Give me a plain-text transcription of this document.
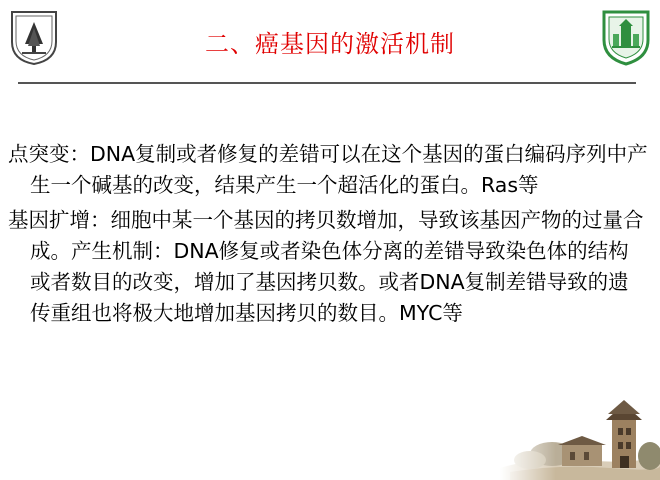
二、癌基因的激活机制

点突变：DNA复制或者修复的差错可以在这个基因的蛋白编码序列中产生一个碱基的改变，结果产生一个超活化的蛋白。Ras等

基因扩增：细胞中某一个基因的拷贝数增加，导致该基因产物的过量合成。产生机制：DNA修复或者染色体分离的差错导致染色体的结构或者数目的改变，增加了基因拷贝数。或者DNA复制差错导致的遗传重组也将极大地增加基因拷贝的数目。MYC等
